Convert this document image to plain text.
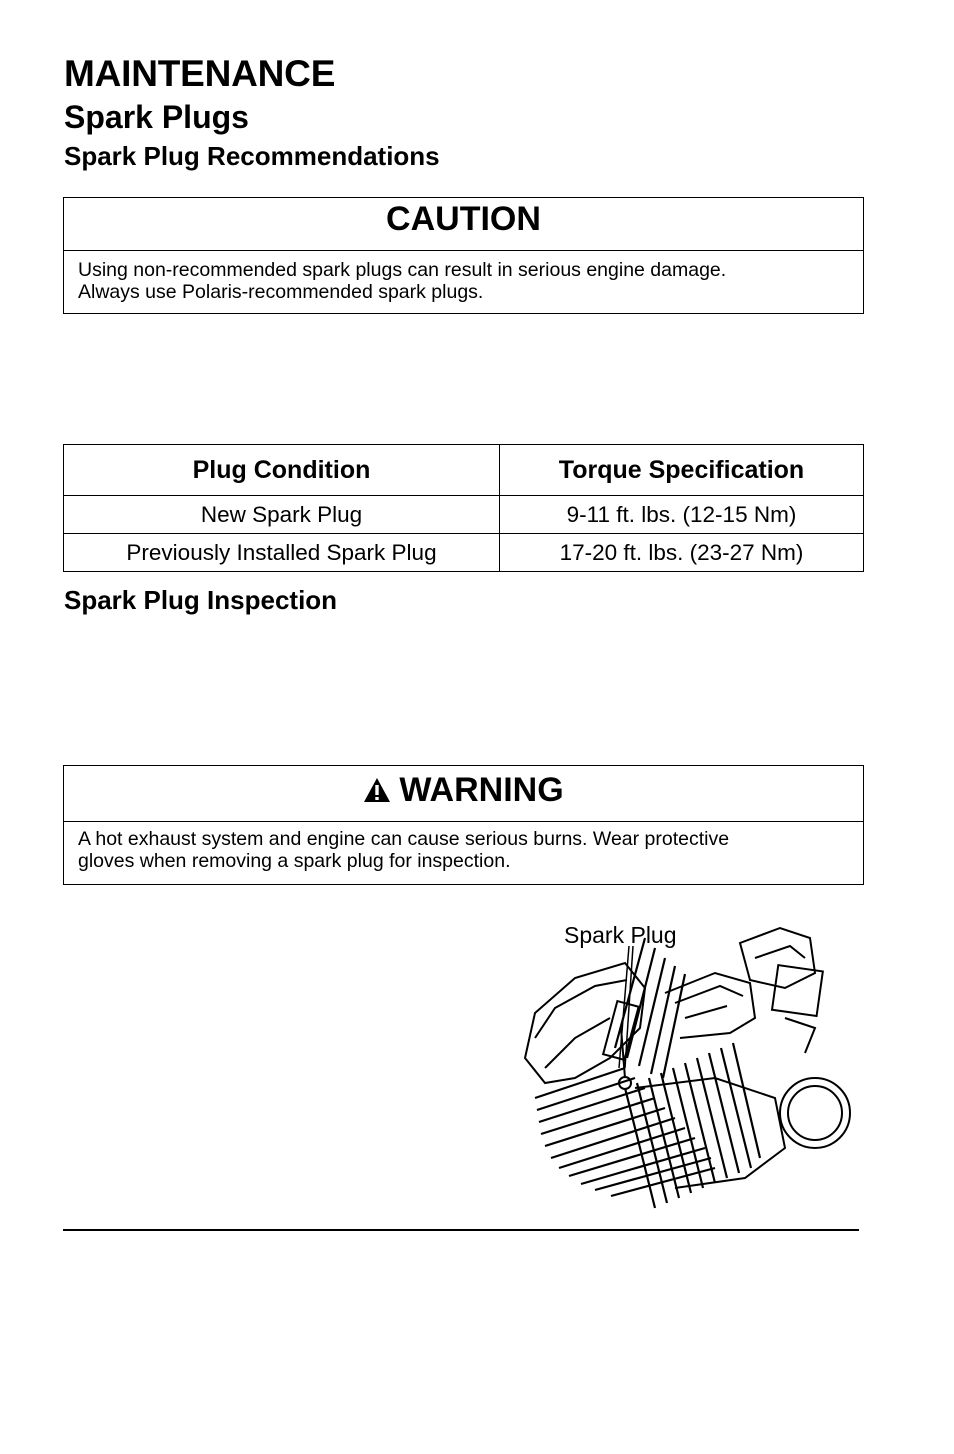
MAINTENANCE
Spark Plugs
Spark Plug Recommendations
CAUTION
Using non-recommended spark plugs can result in serious engine damage.
Always use Polaris-recommended spark plugs.
Plug Condition	Torque Specification
New Spark Plug	9-11 ft. lbs. (12-15 Nm)
Previously Installed Spark Plug	17-20 ft. lbs. (23-27 Nm)
Spark Plug Inspection
WARNING
A hot exhaust system and engine can cause serious burns. Wear protective
gloves when removing a spark plug for inspection.
Spark Plug
